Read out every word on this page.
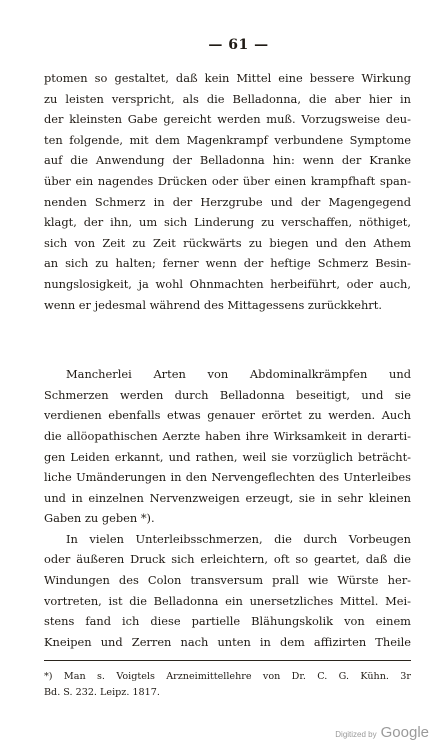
— 61 —
ptomen so gestaltet, daß kein Mittel eine bessere Wirkung
zu leisten verspricht, als die Belladonna, die aber hier in
der kleinsten Gabe gereicht werden muß. Vorzugsweise deu-
ten folgende, mit dem Magenkrampf verbundene Symptome
auf die Anwendung der Belladonna hin: wenn der Kranke
über ein nagendes Drücken oder über einen krampfhaft span-
nenden Schmerz in der Herzgrube und der Magengegend
klagt, der ihn, um sich Linderung zu verschaffen, nöthiget,
sich von Zeit zu Zeit rückwärts zu biegen und den Athem
an sich zu halten; ferner wenn der heftige Schmerz Besin-
nungslosigkeit, ja wohl Ohnmachten herbeiführt, oder auch,
wenn er jedesmal während des Mittagessens zurückkehrt.
Mancherlei Arten von Abdominalkrämpfen und
Schmerzen werden durch Belladonna beseitigt, und sie
verdienen ebenfalls etwas genauer erörtet zu werden. Auch
die allöopathischen Aerzte haben ihre Wirksamkeit in derarti-
gen Leiden erkannt, und rathen, weil sie vorzüglich beträcht-
liche Umänderungen in den Nervengeflechten des Unterleibes
und in einzelnen Nervenzweigen erzeugt, sie in sehr kleinen
Gaben zu geben *).
In vielen Unterleibsschmerzen, die durch Vorbeugen
oder äußeren Druck sich erleichtern, oft so geartet, daß die
Windungen des Colon transversum prall wie Würste her-
vortreten, ist die Belladonna ein unersetzliches Mittel. Mei-
stens fand ich diese partielle Blähungskolik von einem
Kneipen und Zerren nach unten in dem affizirten Theile
*) Man s. Voigtels Arzneimittellehre von Dr. C. G. Kühn. 3r
Bd. S. 232. Leipz. 1817.
Digitized by Google
